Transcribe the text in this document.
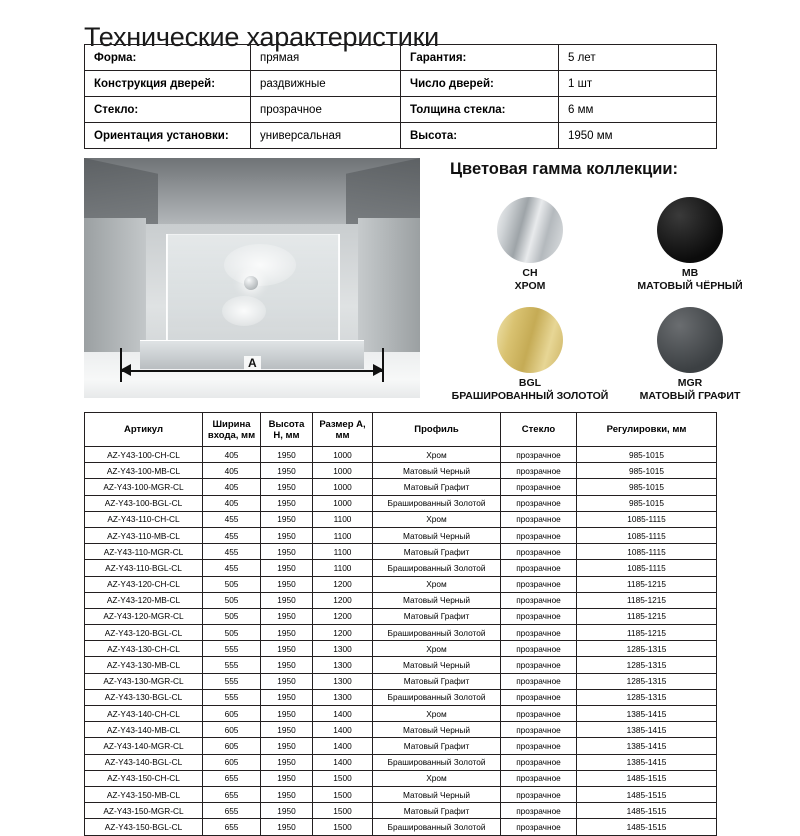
Технические характеристики
Форма:	прямая	Гарантия:	5 лет
Конструкция дверей:	раздвижные	Число дверей:	1 шт
Стекло:	прозрачное	Толщина стекла:	6 мм
Ориентация установки:	универсальная	Высота:	1950 мм
A
Цветовая гамма коллекции:
CH
ХРОМ
MB
МАТОВЫЙ ЧЁРНЫЙ
BGL
БРАШИРОВАННЫЙ ЗОЛОТОЙ
MGR
МАТОВЫЙ ГРАФИТ
Артикул	Ширина входа, мм	Высота H, мм	Размер А, мм	Профиль	Стекло	Регулировки, мм
AZ-Y43-100-CH-CL	405	1950	1000	Хром	прозрачное	985-1015
AZ-Y43-100-MB-CL	405	1950	1000	Матовый Черный	прозрачное	985-1015
AZ-Y43-100-MGR-CL	405	1950	1000	Матовый Графит	прозрачное	985-1015
AZ-Y43-100-BGL-CL	405	1950	1000	Брашированный Золотой	прозрачное	985-1015
AZ-Y43-110-CH-CL	455	1950	1100	Хром	прозрачное	1085-1115
AZ-Y43-110-MB-CL	455	1950	1100	Матовый Черный	прозрачное	1085-1115
AZ-Y43-110-MGR-CL	455	1950	1100	Матовый Графит	прозрачное	1085-1115
AZ-Y43-110-BGL-CL	455	1950	1100	Брашированный Золотой	прозрачное	1085-1115
AZ-Y43-120-CH-CL	505	1950	1200	Хром	прозрачное	1185-1215
AZ-Y43-120-MB-CL	505	1950	1200	Матовый Черный	прозрачное	1185-1215
AZ-Y43-120-MGR-CL	505	1950	1200	Матовый Графит	прозрачное	1185-1215
AZ-Y43-120-BGL-CL	505	1950	1200	Брашированный Золотой	прозрачное	1185-1215
AZ-Y43-130-CH-CL	555	1950	1300	Хром	прозрачное	1285-1315
AZ-Y43-130-MB-CL	555	1950	1300	Матовый Черный	прозрачное	1285-1315
AZ-Y43-130-MGR-CL	555	1950	1300	Матовый Графит	прозрачное	1285-1315
AZ-Y43-130-BGL-CL	555	1950	1300	Брашированный Золотой	прозрачное	1285-1315
AZ-Y43-140-CH-CL	605	1950	1400	Хром	прозрачное	1385-1415
AZ-Y43-140-MB-CL	605	1950	1400	Матовый Черный	прозрачное	1385-1415
AZ-Y43-140-MGR-CL	605	1950	1400	Матовый Графит	прозрачное	1385-1415
AZ-Y43-140-BGL-CL	605	1950	1400	Брашированный Золотой	прозрачное	1385-1415
AZ-Y43-150-CH-CL	655	1950	1500	Хром	прозрачное	1485-1515
AZ-Y43-150-MB-CL	655	1950	1500	Матовый Черный	прозрачное	1485-1515
AZ-Y43-150-MGR-CL	655	1950	1500	Матовый Графит	прозрачное	1485-1515
AZ-Y43-150-BGL-CL	655	1950	1500	Брашированный Золотой	прозрачное	1485-1515
